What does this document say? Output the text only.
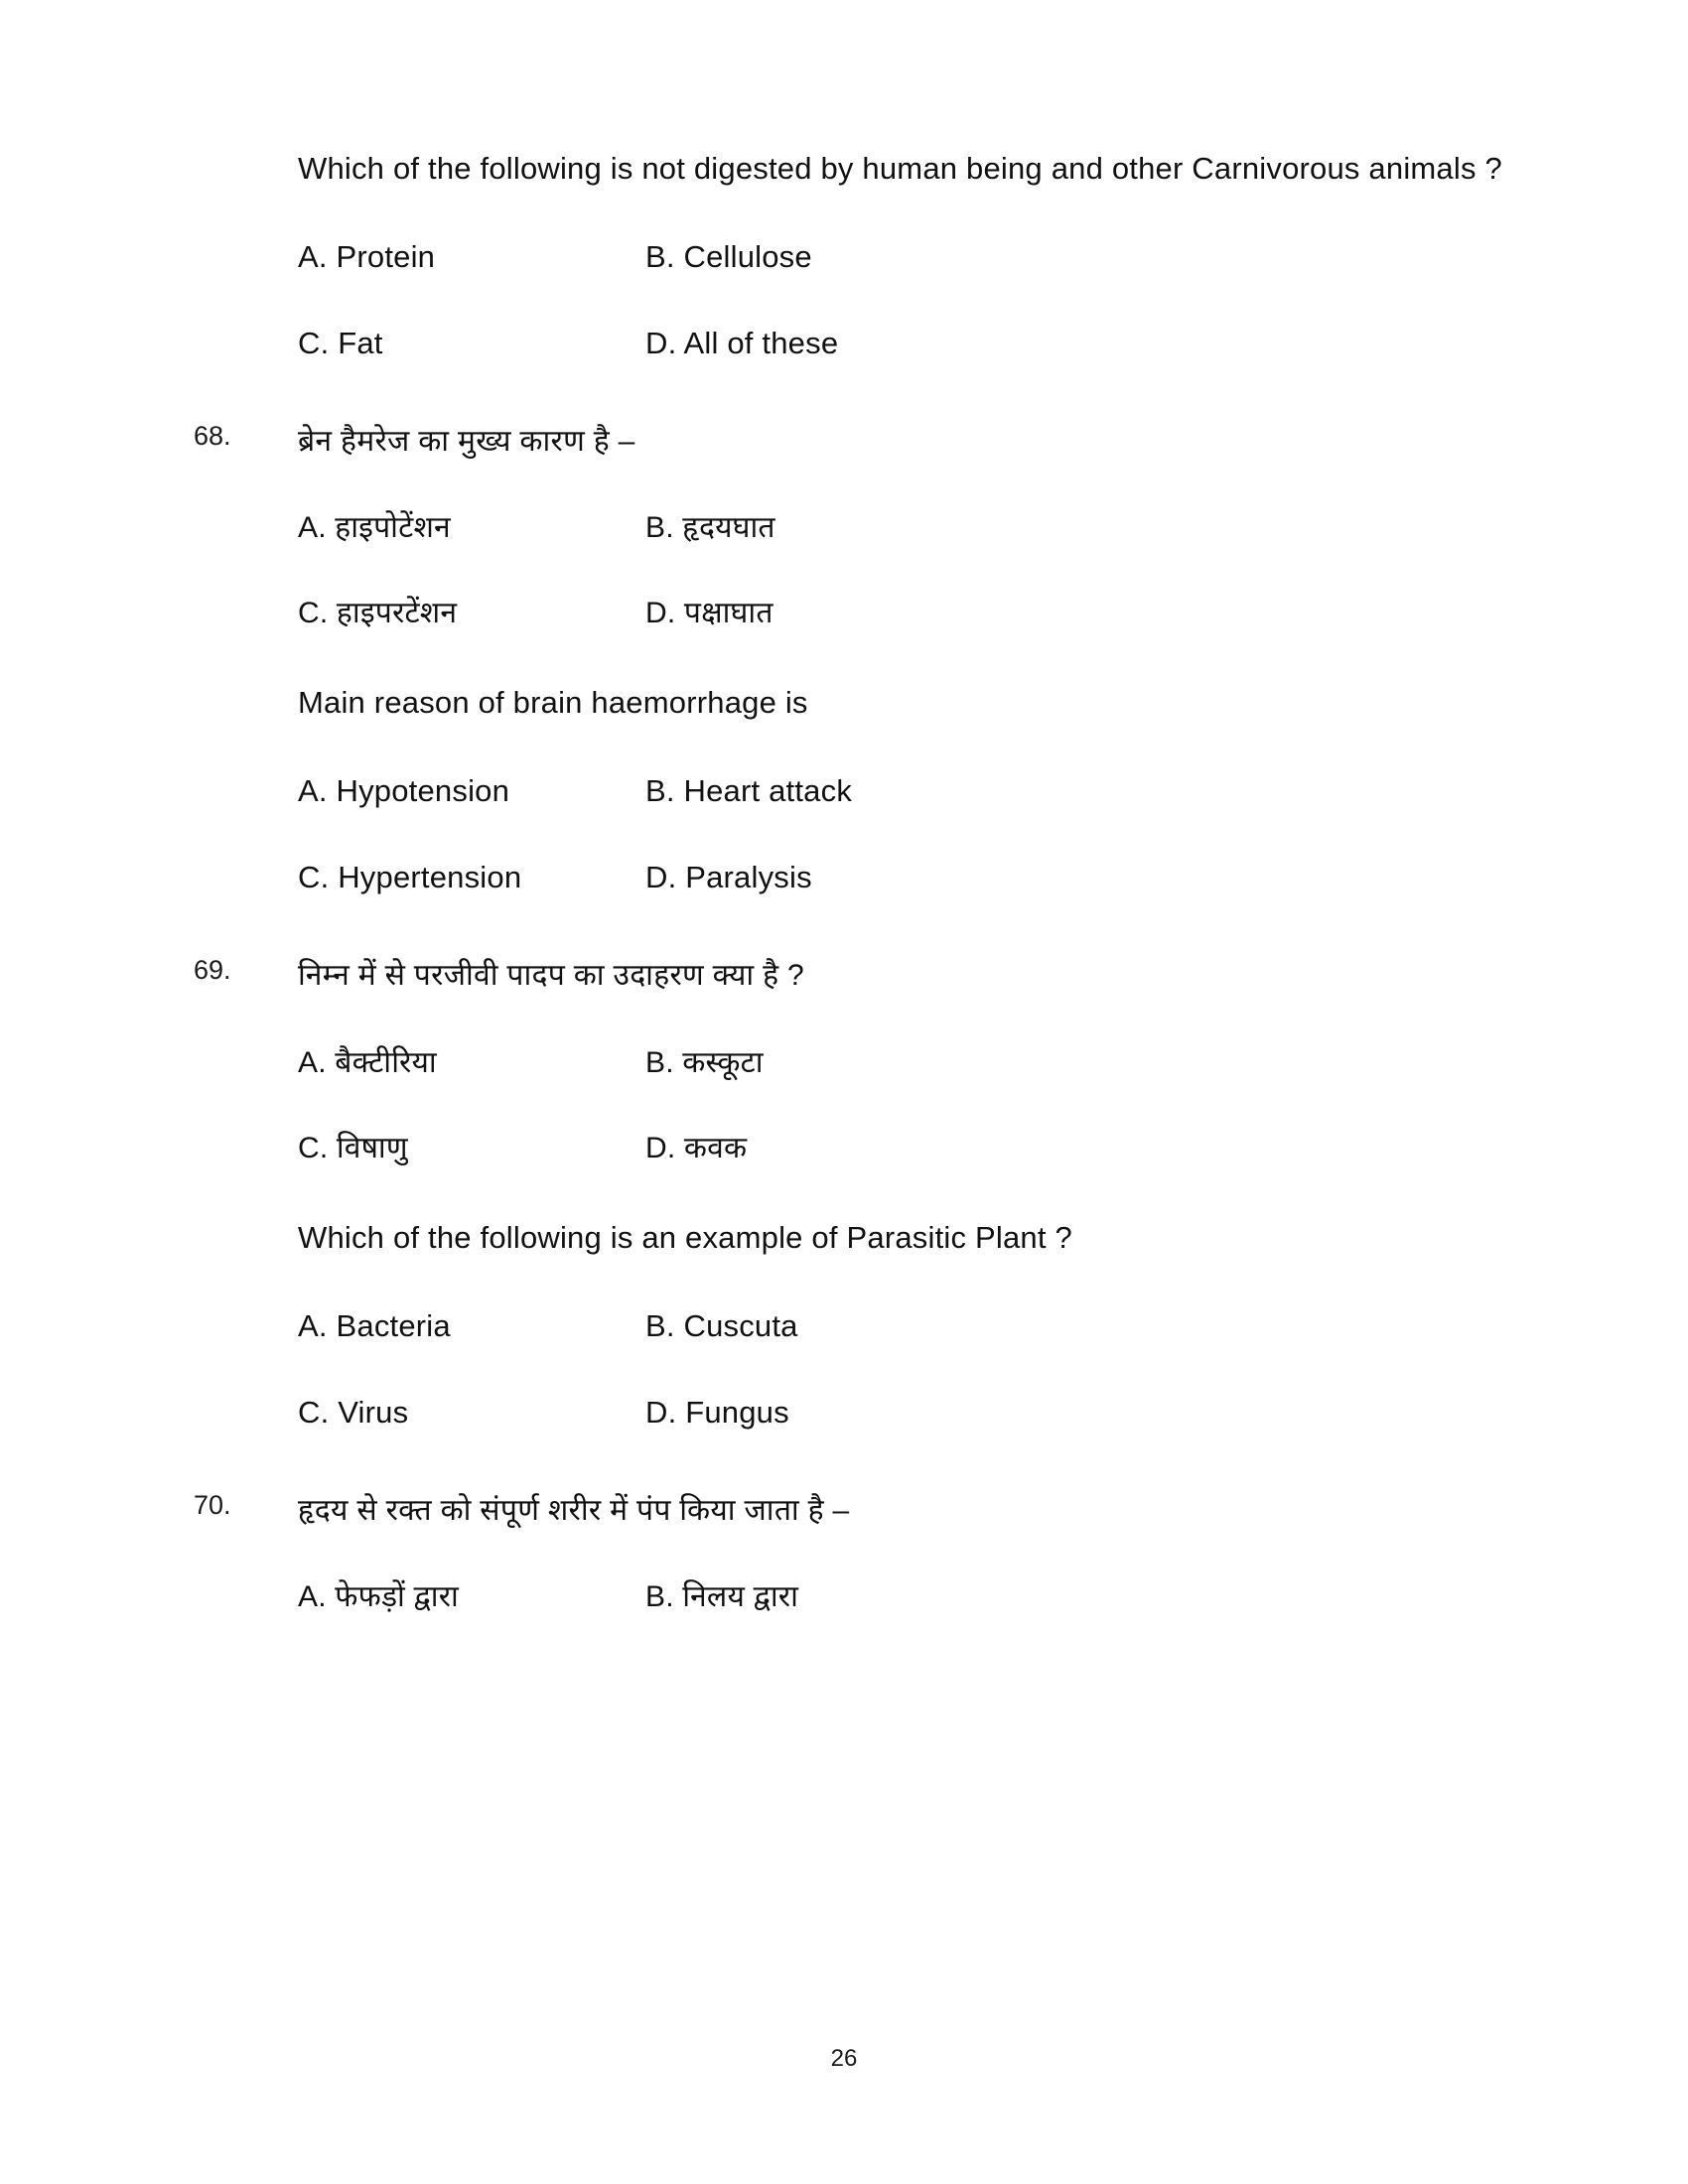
Which of the following is not digested by human being and other Carnivorous animals ?
A. Protein	B. Cellulose
C. Fat	D. All of these
68. ब्रेन हैमरेज का मुख्य कारण है –
A. हाइपोटेंशन	B. हृदयघात
C. हाइपरटेंशन	D. पक्षाघात
Main reason of brain haemorrhage is
A. Hypotension	B. Heart attack
C. Hypertension	D. Paralysis
69. निम्न में से परजीवी पादप का उदाहरण क्या है ?
A. बैक्टीरिया	B. कस्कूटा
C. विषाणु	D. कवक
Which of the following is an example of Parasitic Plant ?
A. Bacteria	B. Cuscuta
C. Virus	D. Fungus
70. हृदय से रक्त को संपूर्ण शरीर में पंप किया जाता है –
A. फेफड़ों द्वारा	B. निलय द्वारा
26
